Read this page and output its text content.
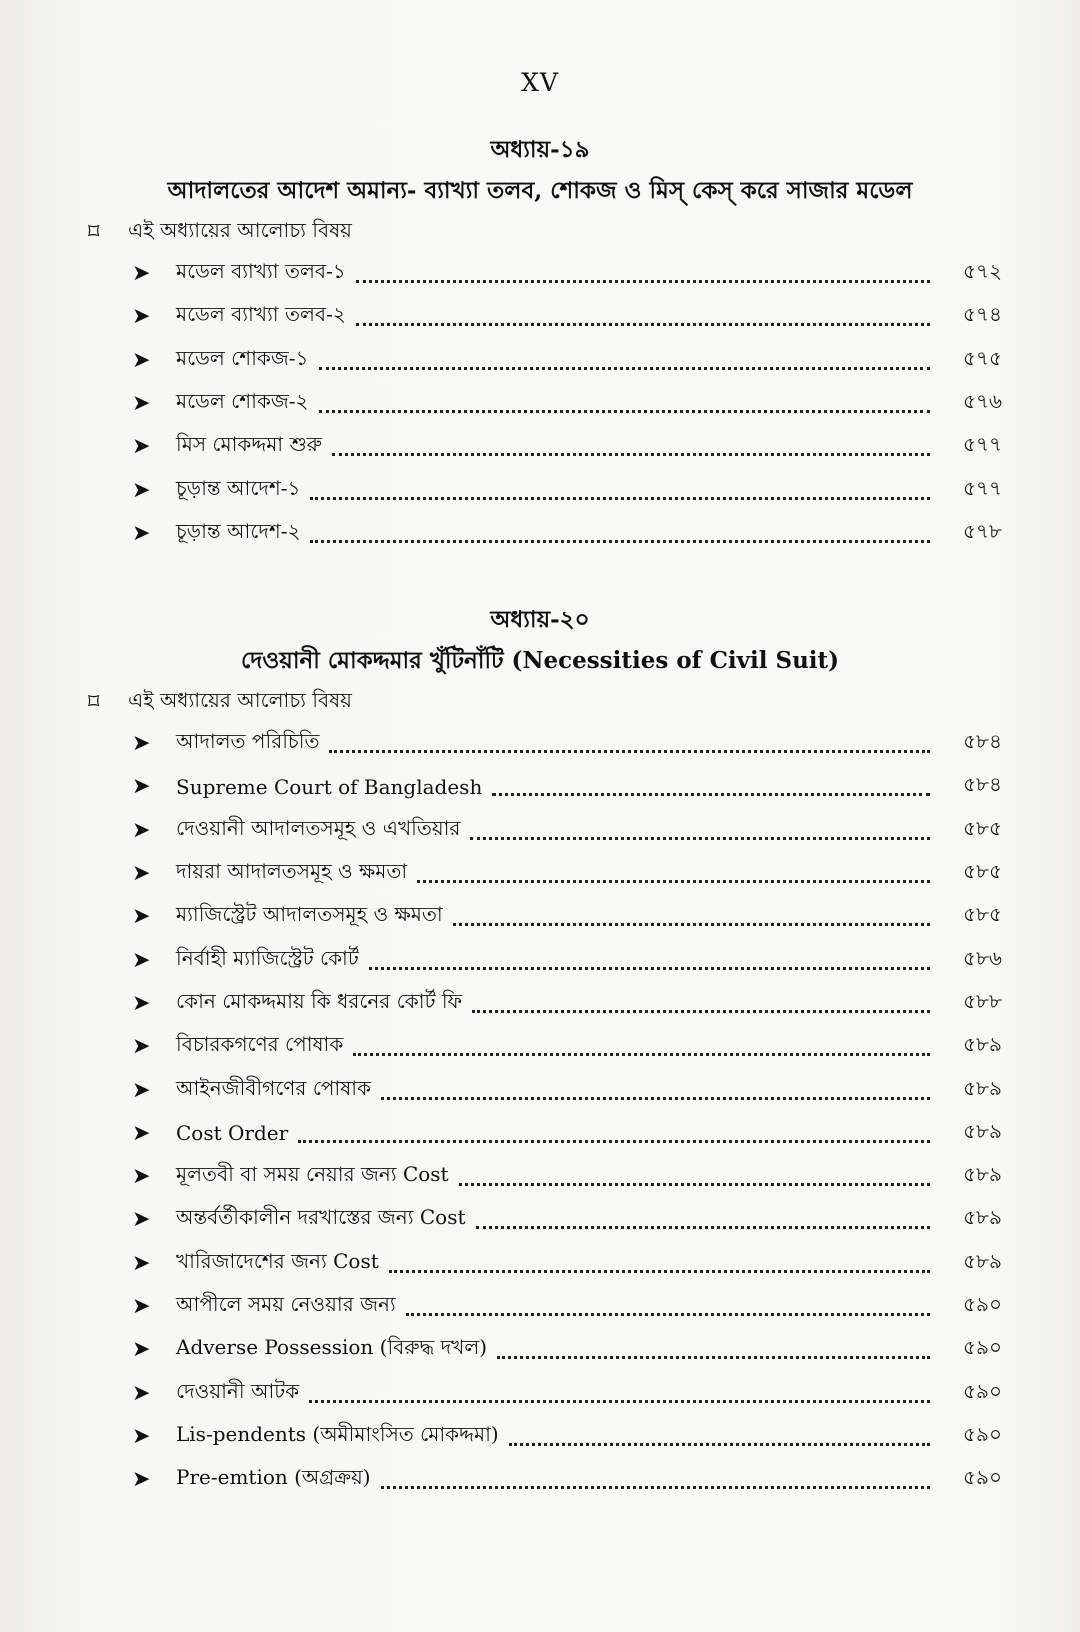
XV
অধ্যায়-১৯
আদালতের আদেশ অমান্য- ব্যাখ্যা তলব, শোকজ ও মিস্ কেস্ করে সাজার মডেল
⌑	এই অধ্যায়ের আলোচ্য বিষয়
➤	মডেল ব্যাখ্যা তলব-১	৫৭২
➤	মডেল ব্যাখ্যা তলব-২	৫৭৪
➤	মডেল শোকজ-১	৫৭৫
➤	মডেল শোকজ-২	৫৭৬
➤	মিস মোকদ্দমা শুরু	৫৭৭
➤	চূড়ান্ত আদেশ-১	৫৭৭
➤	চূড়ান্ত আদেশ-২	৫৭৮
অধ্যায়-২০
দেওয়ানী মোকদ্দমার খুঁটিনাঁটি (Necessities of Civil Suit)
⌑	এই অধ্যায়ের আলোচ্য বিষয়
➤	আদালত পরিচিতি	৫৮৪
➤	Supreme Court of Bangladesh	৫৮৪
➤	দেওয়ানী আদালতসমূহ ও এখতিয়ার	৫৮৫
➤	দায়রা আদালতসমূহ ও ক্ষমতা	৫৮৫
➤	ম্যাজিস্ট্রেট আদালতসমূহ ও ক্ষমতা	৫৮৫
➤	নির্বাহী ম্যাজিস্ট্রেট কোর্ট	৫৮৬
➤	কোন মোকদ্দমায় কি ধরনের কোর্ট ফি	৫৮৮
➤	বিচারকগণের পোষাক	৫৮৯
➤	আইনজীবীগণের পোষাক	৫৮৯
➤	Cost Order	৫৮৯
➤	মূলতবী বা সময় নেয়ার জন্য Cost	৫৮৯
➤	অন্তর্বর্তীকালীন দরখাস্তের জন্য Cost	৫৮৯
➤	খারিজাদেশের জন্য Cost	৫৮৯
➤	আপীলে সময় নেওয়ার জন্য	৫৯০
➤	Adverse Possession (বিরুদ্ধ দখল)	৫৯০
➤	দেওয়ানী আটক	৫৯০
➤	Lis-pendents (অমীমাংসিত মোকদ্দমা)	৫৯০
➤	Pre-emtion (অগ্রক্রয়)	৫৯০
